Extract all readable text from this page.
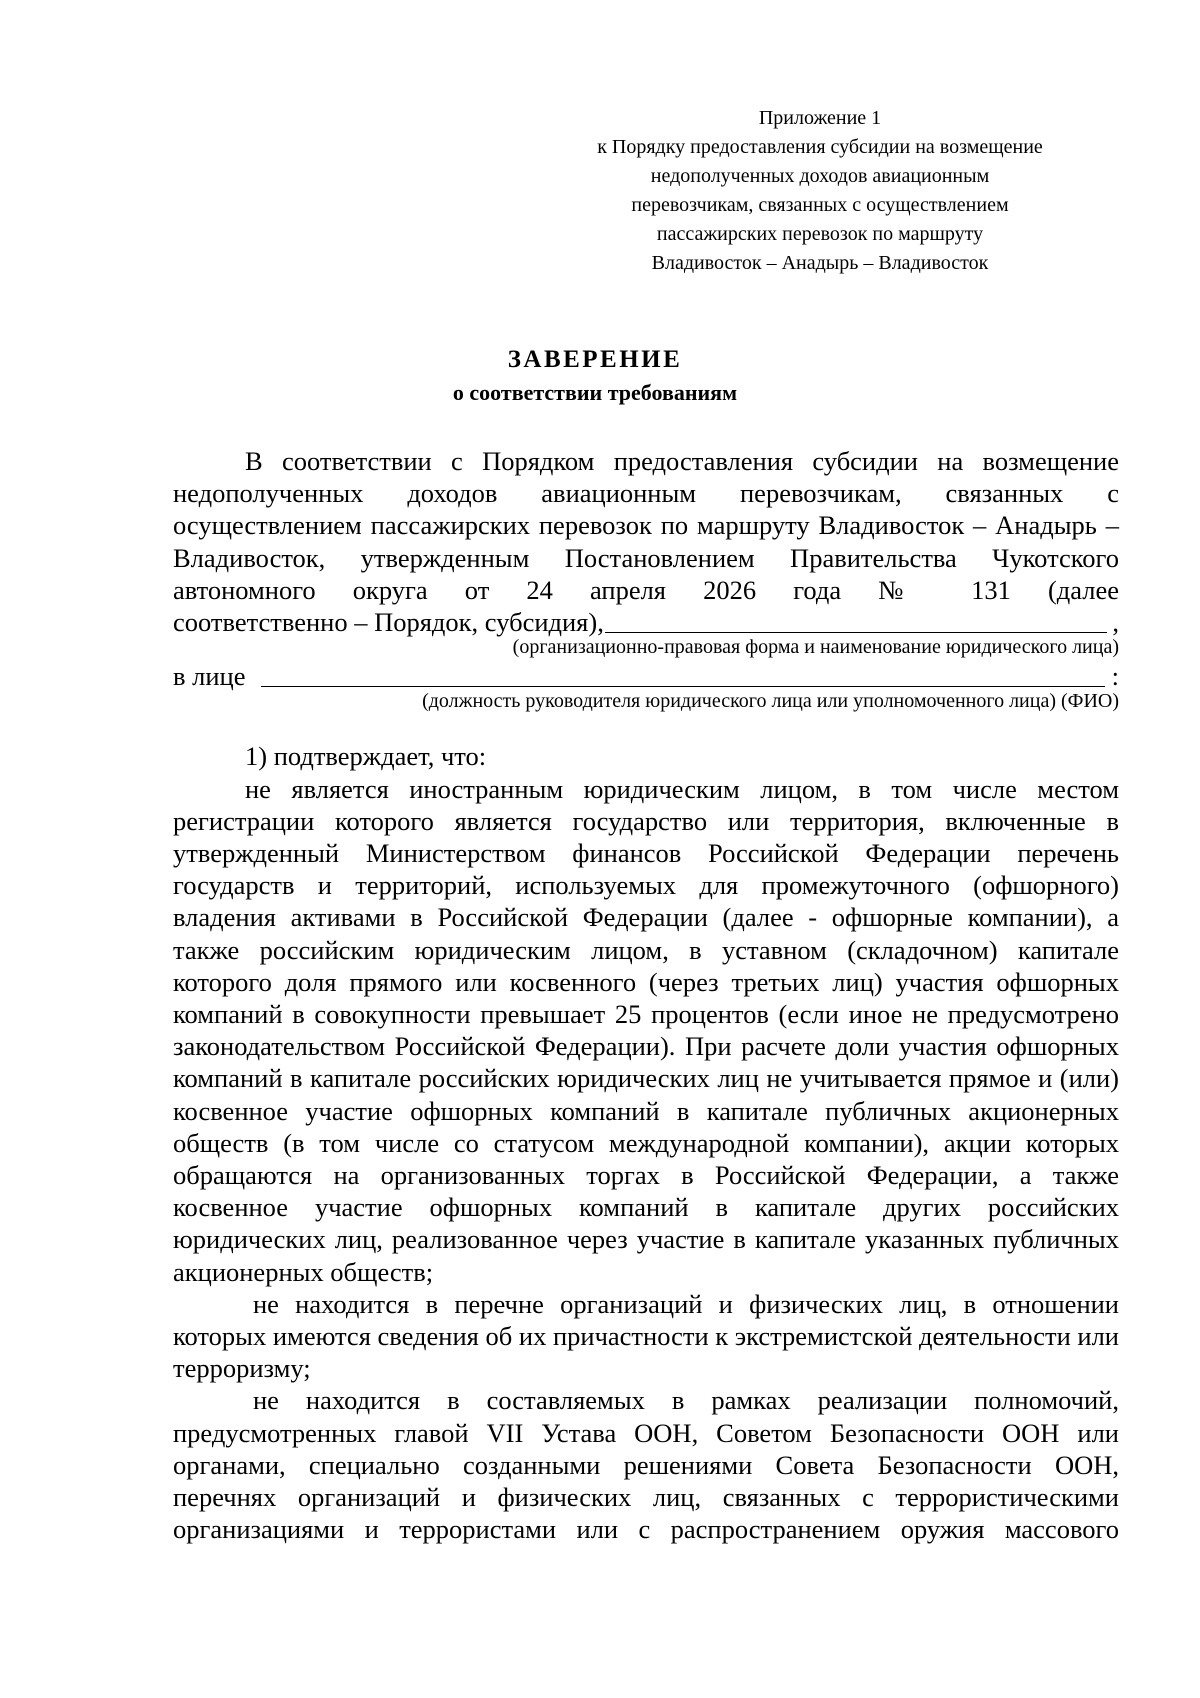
Приложение 1
к Порядку предоставления субсидии на возмещение
недополученных доходов авиационным
перевозчикам, связанных с осуществлением
пассажирских перевозок по маршруту
Владивосток – Анадырь – Владивосток
ЗАВЕРЕНИЕ
о соответствии требованиям

В соответствии с Порядком предоставления субсидии на возмещение недополученных доходов авиационным перевозчикам, связанных с осуществлением пассажирских перевозок по маршруту Владивосток – Анадырь – Владивосток, утвержденным Постановлением Правительства Чукотского автономного округа от 24 апреля 2026 года № 131 (далее

соответственно – Порядок, субсидия),	,
(организационно-правовая форма и наименование юридического лица)
в лице	:
(должность руководителя юридического лица или уполномоченного лица) (ФИО)

1) подтверждает, что:

не является иностранным юридическим лицом, в том числе местом регистрации которого является государство или территория, включенные в утвержденный Министерством финансов Российской Федерации перечень государств и территорий, используемых для промежуточного (офшорного) владения активами в Российской Федерации (далее - офшорные компании), а также российским юридическим лицом, в уставном (складочном) капитале которого доля прямого или косвенного (через третьих лиц) участия офшорных компаний в совокупности превышает 25 процентов (если иное не предусмотрено законодательством Российской Федерации). При расчете доли участия офшорных компаний в капитале российских юридических лиц не учитывается прямое и (или) косвенное участие офшорных компаний в капитале публичных акционерных обществ (в том числе со статусом международной компании), акции которых обращаются на организованных торгах в Российской Федерации, а также косвенное участие офшорных компаний в капитале других российских юридических лиц, реализованное через участие в капитале указанных публичных акционерных обществ;

не находится в перечне организаций и физических лиц, в отношении которых имеются сведения об их причастности к экстремистской деятельности или терроризму;

не находится в составляемых в рамках реализации полномочий, предусмотренных главой VII Устава ООН, Советом Безопасности ООН или органами, специально созданными решениями Совета Безопасности ООН, перечнях организаций и физических лиц, связанных с террористическими организациями и террористами или с распространением оружия массового
